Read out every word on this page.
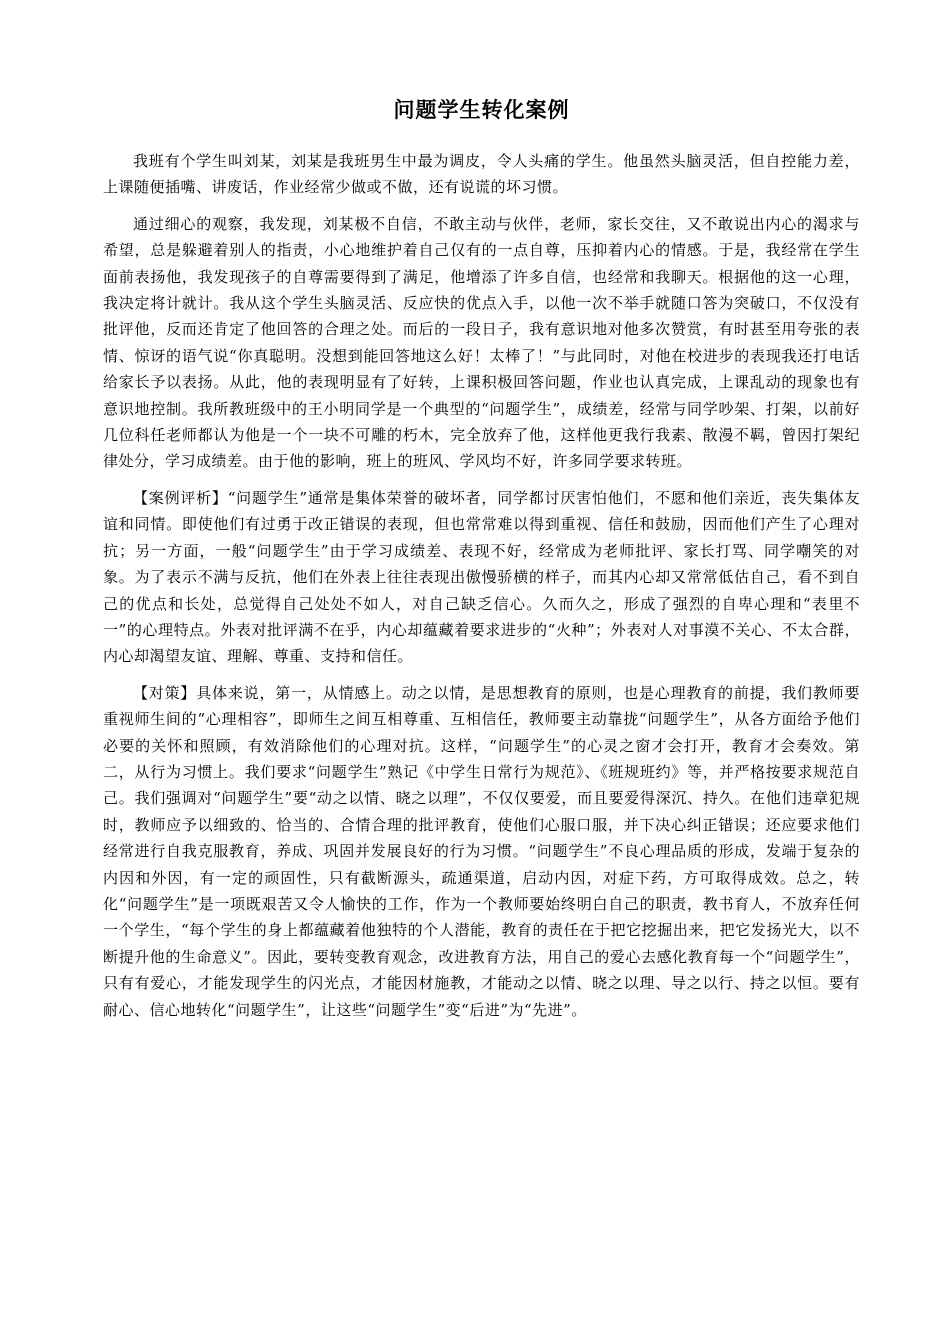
问题学生转化案例

我班有个学生叫刘某，刘某是我班男生中最为调皮，令人头痛的学生。他虽然头脑灵活，但自控能力差，上课随便插嘴、讲废话，作业经常少做或不做，还有说谎的坏习惯。

通过细心的观察，我发现，刘某极不自信，不敢主动与伙伴，老师，家长交往，又不敢说出内心的渴求与希望，总是躲避着别人的指责，小心地维护着自己仅有的一点自尊，压抑着内心的情感。于是，我经常在学生面前表扬他，我发现孩子的自尊需要得到了满足，他增添了许多自信，也经常和我聊天。根据他的这一心理，我决定将计就计。我从这个学生头脑灵活、反应快的优点入手，以他一次不举手就随口答为突破口，不仅没有批评他，反而还肯定了他回答的合理之处。而后的一段日子，我有意识地对他多次赞赏，有时甚至用夸张的表情、惊讶的语气说“你真聪明。没想到能回答地这么好！太棒了！”与此同时，对他在校进步的表现我还打电话给家长予以表扬。从此，他的表现明显有了好转，上课积极回答问题，作业也认真完成，上课乱动的现象也有意识地控制。我所教班级中的王小明同学是一个典型的“问题学生”，成绩差，经常与同学吵架、打架，以前好几位科任老师都认为他是一个一块不可雕的朽木，完全放弃了他，这样他更我行我素、散漫不羁，曾因打架纪律处分，学习成绩差。由于他的影响，班上的班风、学风均不好，许多同学要求转班。

【案例评析】“问题学生”通常是集体荣誉的破坏者，同学都讨厌害怕他们，不愿和他们亲近，丧失集体友谊和同情。即使他们有过勇于改正错误的表现，但也常常难以得到重视、信任和鼓励，因而他们产生了心理对抗；另一方面，一般“问题学生”由于学习成绩差、表现不好，经常成为老师批评、家长打骂、同学嘲笑的对象。为了表示不满与反抗，他们在外表上往往表现出傲慢骄横的样子，而其内心却又常常低估自己，看不到自己的优点和长处，总觉得自己处处不如人，对自己缺乏信心。久而久之，形成了强烈的自卑心理和“表里不一”的心理特点。外表对批评满不在乎，内心却蕴藏着要求进步的“火种”；外表对人对事漠不关心、不太合群，内心却渴望友谊、理解、尊重、支持和信任。

【对策】具体来说，第一，从情感上。动之以情，是思想教育的原则，也是心理教育的前提，我们教师要重视师生间的“心理相容”，即师生之间互相尊重、互相信任，教师要主动靠拢“问题学生”，从各方面给予他们必要的关怀和照顾，有效消除他们的心理对抗。这样，“问题学生”的心灵之窗才会打开，教育才会奏效。第二，从行为习惯上。我们要求“问题学生”熟记《中学生日常行为规范》、《班规班约》等，并严格按要求规范自己。我们强调对“问题学生”要“动之以情、晓之以理”，不仅仅要爱，而且要爱得深沉、持久。在他们违章犯规时，教师应予以细致的、恰当的、合情合理的批评教育，使他们心服口服，并下决心纠正错误；还应要求他们经常进行自我克服教育，养成、巩固并发展良好的行为习惯。“问题学生”不良心理品质的形成，发端于复杂的内因和外因，有一定的顽固性，只有截断源头，疏通渠道，启动内因，对症下药，方可取得成效。总之，转化“问题学生”是一项既艰苦又令人愉快的工作，作为一个教师要始终明白自己的职责，教书育人，不放弃任何一个学生，“每个学生的身上都蕴藏着他独特的个人潜能，教育的责任在于把它挖掘出来，把它发扬光大，以不断提升他的生命意义”。因此，要转变教育观念，改进教育方法，用自己的爱心去感化教育每一个“问题学生”，只有有爱心，才能发现学生的闪光点，才能因材施教，才能动之以情、晓之以理、导之以行、持之以恒。要有耐心、信心地转化“问题学生”，让这些“问题学生”变“后进”为“先进”。
